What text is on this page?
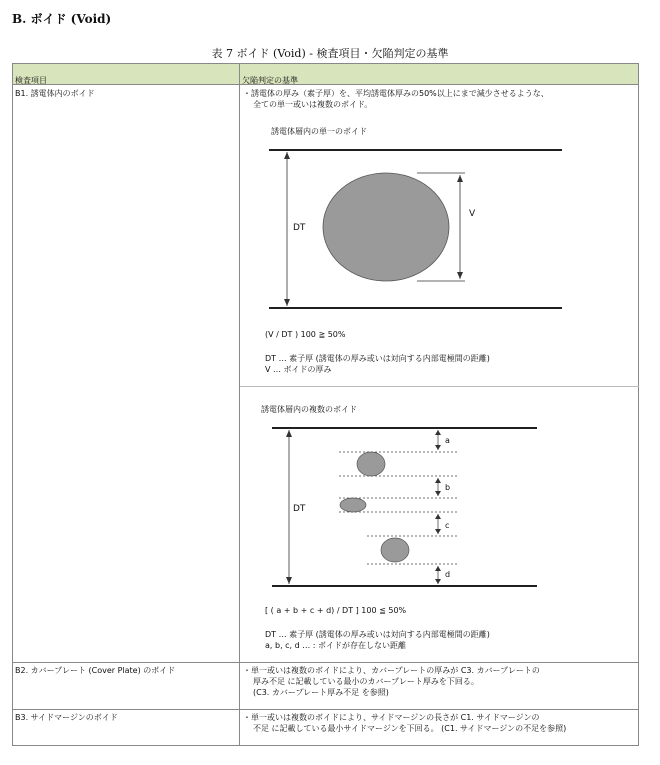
B. ボイド (Void)
表 7 ボイド (Void) - 検査項目・欠陥判定の基準
検査項目	欠陥判定の基準
B1. 誘電体内のボイド	・誘電体の厚み（素子厚）を、平均誘電体厚みの50%以上にまで減少させるような、
全ての単一或いは複数のボイド。
誘電体層内の単一のボイド
DT
V
(V / DT ) 100 ≧ 50%
DT … 素子厚 (誘電体の厚み或いは対向する内部電極間の距離)
V … ボイドの厚み
誘電体層内の複数のボイド
DT
a
b
c
d
[ ( a + b + c + d) / DT ] 100 ≦ 50%
DT … 素子厚 (誘電体の厚み或いは対向する内部電極間の距離)
a, b, c, d … : ボイドが存在しない距離
B2. カバープレート (Cover Plate) のボイド	・単一或いは複数のボイドにより、カバープレートの厚みが C3. カバープレートの
厚み不足 に記載している最小のカバープレート厚みを下回る。
(C3. カバープレート厚み不足 を参照)
B3. サイドマージンのボイド	・単一或いは複数のボイドにより、サイドマージンの長さが C1. サイドマージンの
不足 に記載している最小サイドマージンを下回る。 (C1. サイドマージンの不足を参照)
